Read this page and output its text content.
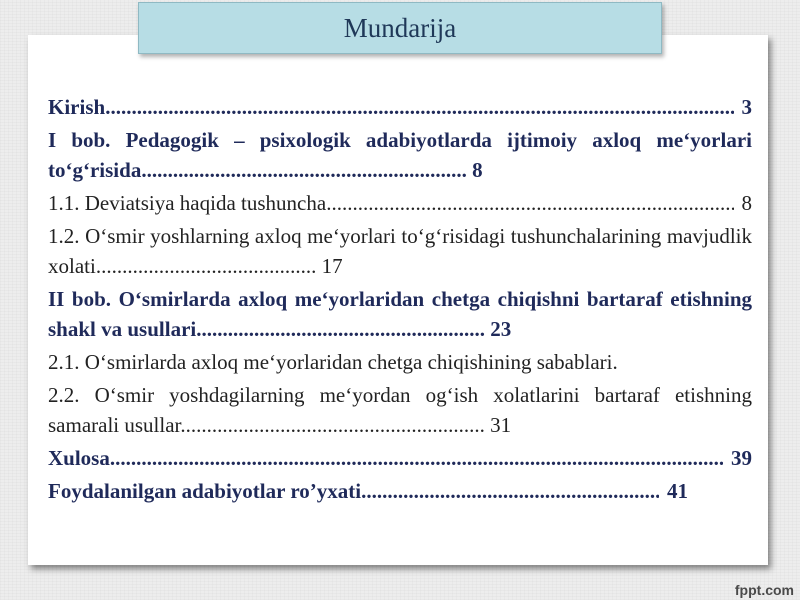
Mundarija
Kirish .....	3
I bob. Pedagogik – psixologik adabiyotlarda ijtimoiy axloq me‘yorlari to‘g‘risida.............................................................. 8
1.1. Deviatsiya haqida tushuncha .....	8
1.2. O‘smir yoshlarning axloq me‘yorlari to‘g‘risidagi tushunchalarining mavjudlik xolati.......................................... 17
II bob. O‘smirlarda axloq me‘yorlaridan chetga chiqishni bartaraf etishning shakl va usullari....................................................... 23
2.1. O‘smirlarda axloq me‘yorlaridan chetga chiqishining sabablari.
2.2. O‘smir yoshdagilarning me‘yordan og‘ish xolatlarini bartaraf etishning samarali usullar.......................................................... 31
Xulosa .....	39
Foydalanilgan adabiyotlar ro’yxati .....	41
fppt.com
